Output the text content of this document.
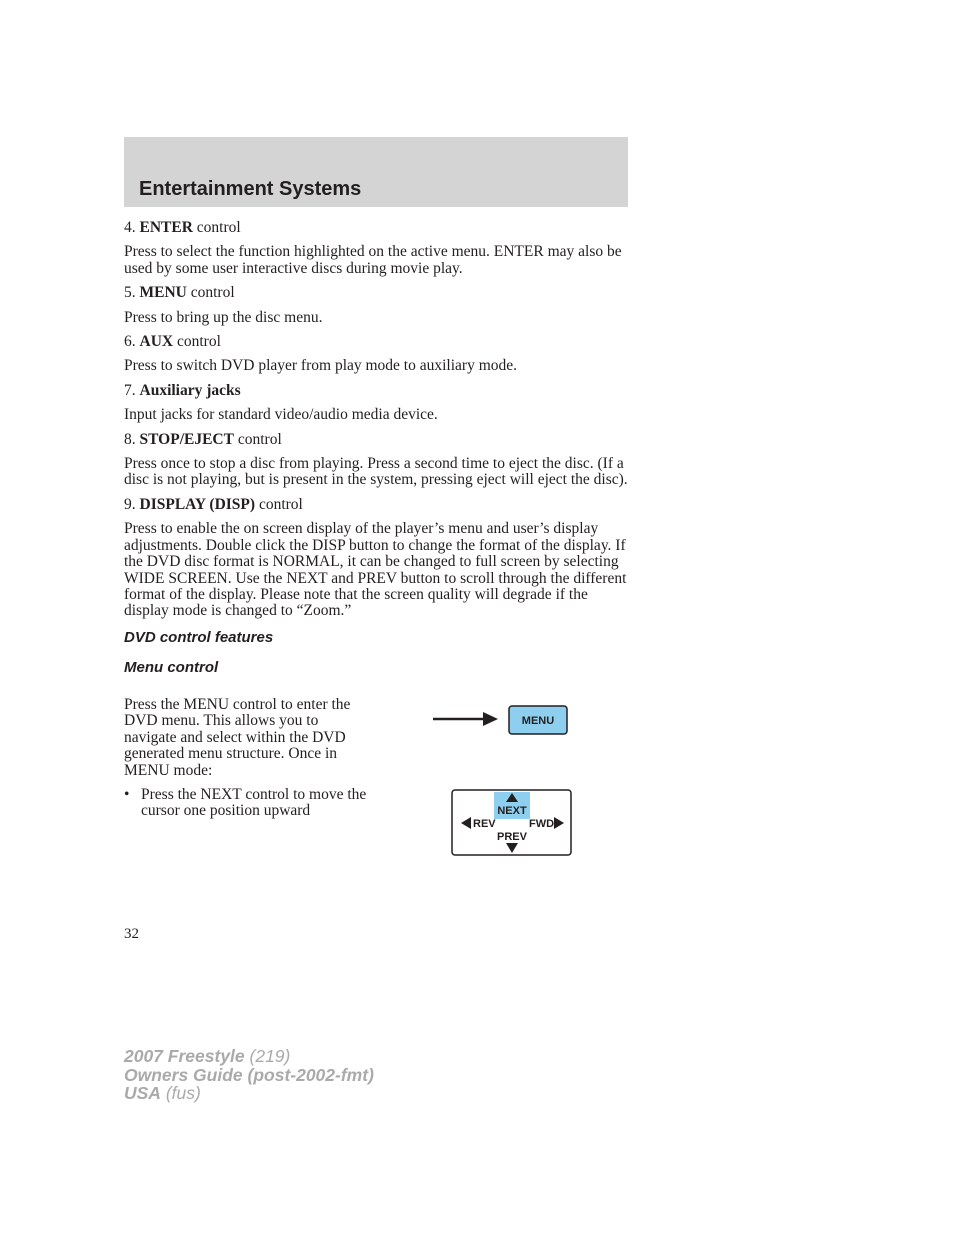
Entertainment Systems

4. ENTER control

Press to select the function highlighted on the active menu. ENTER may also be used by some user interactive discs during movie play.

5. MENU control

Press to bring up the disc menu.

6. AUX control

Press to switch DVD player from play mode to auxiliary mode.

7. Auxiliary jacks

Input jacks for standard video/audio media device.

8. STOP/EJECT control

Press once to stop a disc from playing. Press a second time to eject the disc. (If a disc is not playing, but is present in the system, pressing eject will eject the disc).

9. DISPLAY (DISP) control

Press to enable the on screen display of the player’s menu and user’s display adjustments. Double click the DISP button to change the format of the display. If the DVD disc format is NORMAL, it can be changed to full screen by selecting WIDE SCREEN. Use the NEXT and PREV button to scroll through the different format of the display. Please note that the screen quality will degrade if the display mode is changed to “Zoom.”

DVD control features

Menu control

Press the MENU control to enter the DVD menu. This allows you to navigate and select within the DVD generated menu structure. Once in MENU mode:

• Press the NEXT control to move the cursor one position upward
MENU
NEXT
REV	FWD
PREV
32
2007 Freestyle (219)
Owners Guide (post-2002-fmt)
USA (fus)
